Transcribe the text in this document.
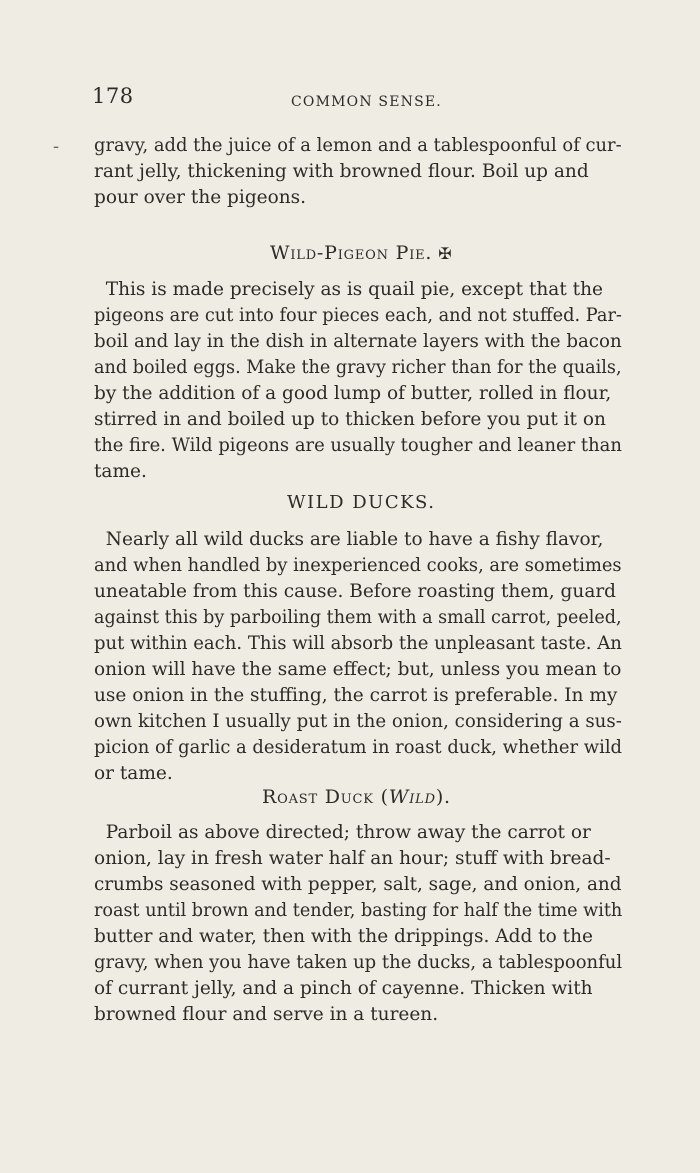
178	COMMON SENSE.
- gravy, add the juice of a lemon and a tablespoonful of cur-
rant jelly, thickening with browned flour. Boil up and
pour over the pigeons.
Wild-Pigeon Pie. ✠
This is made precisely as is quail pie, except that the
pigeons are cut into four pieces each, and not stuffed. Par-
boil and lay in the dish in alternate layers with the bacon
and boiled eggs. Make the gravy richer than for the quails,
by the addition of a good lump of butter, rolled in flour,
stirred in and boiled up to thicken before you put it on
the fire. Wild pigeons are usually tougher and leaner than
tame.
WILD DUCKS.
Nearly all wild ducks are liable to have a fishy flavor,
and when handled by inexperienced cooks, are sometimes
uneatable from this cause. Before roasting them, guard
against this by parboiling them with a small carrot, peeled,
put within each. This will absorb the unpleasant taste. An
onion will have the same effect; but, unless you mean to
use onion in the stuffing, the carrot is preferable. In my
own kitchen I usually put in the onion, considering a sus-
picion of garlic a desideratum in roast duck, whether wild
or tame.
Roast Duck (Wild).
Parboil as above directed; throw away the carrot or
onion, lay in fresh water half an hour; stuff with bread-
crumbs seasoned with pepper, salt, sage, and onion, and
roast until brown and tender, basting for half the time with
butter and water, then with the drippings. Add to the
gravy, when you have taken up the ducks, a tablespoonful
of currant jelly, and a pinch of cayenne. Thicken with
browned flour and serve in a tureen.
